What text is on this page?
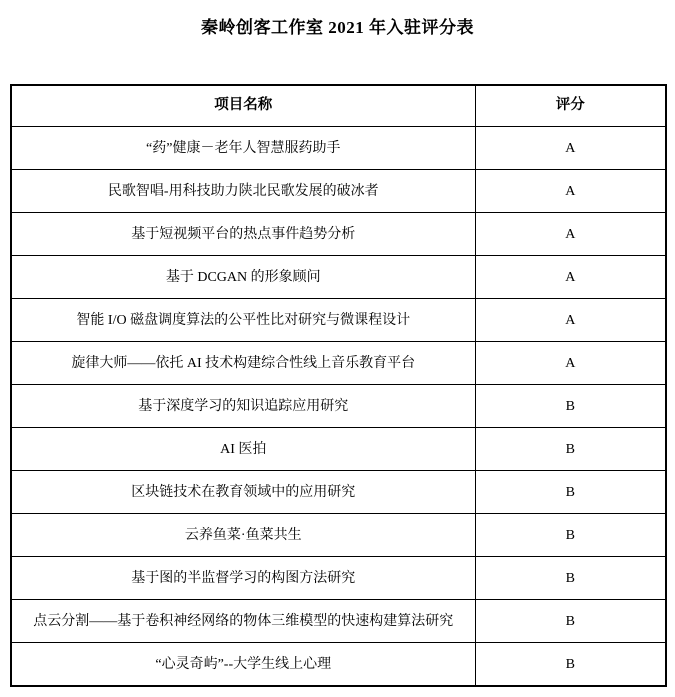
秦岭创客工作室 2021 年入驻评分表
项目名称	评分
“药”健康－老年人智慧服药助手	A
民歌智唱-用科技助力陕北民歌发展的破冰者	A
基于短视频平台的热点事件趋势分析	A
基于 DCGAN 的形象顾问	A
智能 I/O 磁盘调度算法的公平性比对研究与微课程设计	A
旋律大师——依托 AI 技术构建综合性线上音乐教育平台	A
基于深度学习的知识追踪应用研究	B
AI 医拍	B
区块链技术在教育领域中的应用研究	B
云养鱼菜·鱼菜共生	B
基于图的半监督学习的构图方法研究	B
点云分割——基于卷积神经网络的物体三维模型的快速构建算法研究	B
“心灵奇屿”--大学生线上心理	B
